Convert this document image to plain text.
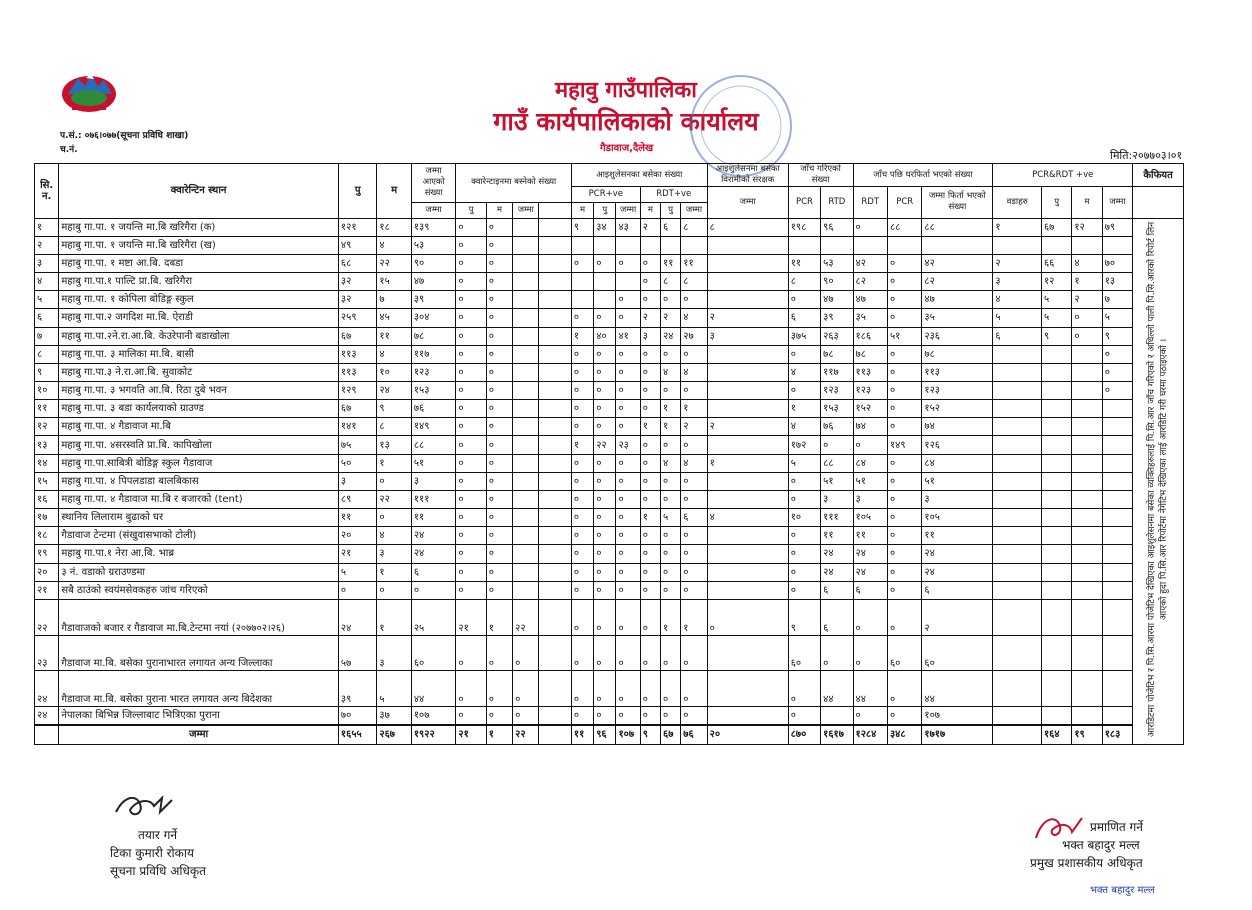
महावु गाउँपालिका
गाउँ कार्यपालिकाको कार्यालय
गैडावाज,दैलेख
प.सं.: ०७६।०७७(सूचना प्रविधि शाखा)
च.नं.	मिति:२०७७०३।०१
सि. न.	क्वारेन्टिन स्थान	पु	म	जम्मा आएको संख्या	क्वारेन्टाइनमा बस्नेको संख्या				आइशुलेसनका बसेका संख्या						आइशुलेसनमा बसेका विरामीको संरक्षक	जाँच गरिएको संख्या		जाँच पछि घरफिर्ता भएको संख्या			PCR&RDT +ve				कैफियत

									PCR+ve			RDT+ve			जम्मा	PCR	RTD	RDT	PCR	जम्मा फिर्ता भएको संख्या	वडाहरु	पु	म	जम्मा	
				जम्मा	पु	म	जम्मा		म	पु	जम्मा	म	पु	जम्मा											
१	महाबु गा.पा. १ जयन्ति मा.बि खरिगैरा (क)	१२१	१८	१३९	०	०			९	३४	४३	२	६	८	८	१९८	९६	०	८८	८८	१	६७	१२	७९	आरडिटमा पोजेटिभ र पि.सि.आरमा पोजेटिभ देखिएका आइशुलेसनमा बसेका व्यक्तिहरुलाई पि.सि.आर जाँच गरिएको र अधिल्लो पाली पि.सि.आरको रिपोर्ट लिन आएको हुदा पि.सि.आर रिपोर्टमा नेगेटिभ देखिएका लाई आरडिटि गरी घरमा पठाइएको ।
२	महाबु गा.पा. १ जयन्ति मा.बि खरिगैरा (ख)	४९	४	५३	०	०																			
३	महाबु गा.पा. १ मष्टा आ.बि. दबडा	६८	२२	९०	०	०			०	०	०	०	११	११		११	५३	४२	०	४२	२	६६	४	७०	
४	महाबु गा.पा.१ पाल्टि प्रा.बि. खरिगैरा	३२	१५	४७	०	०						०	८	८		८	९०	८२	०	८२	३	१२	१	१३	
५	महाबु गा.पा. १ कोपिला बोडिङ्ग स्कुल	३२	७	३९	०	०					०	०	०	०		०	४७	४७	०	४७	४	५	२	७	
६	महाबु गा.पा.२ जगदिश मा.बि. ऐराडी	२५९	४५	३०४	०	०			०	०	०	२	२	४	२	६	३९	३५	०	३५	५	५	०	५	
७	महाबु गा.पा.२ने.रा.आ.बि. केउरेपानी बडाखोला	६७	११	७८	०	०			१	४०	४१	३	२४	२७	३	३७५	२६३	१८६	५१	२३६	६	९	०	९	
८	महाबु गा.पा. ३ मालिका मा.बि. बासी	११३	४	११७	०	०			०	०	०	०	०	०		०	७८	७८	०	७८				०	
९	महाबु गा.पा.३ ने.रा.आ.बि. सुवाकोट	११३	१०	१२३	०	०			०	०	०	०	४	४		४	११७	११३	०	११३				०	
१०	महाबु गा.पा. ३ भगवति आ.बि. रिठा दुबे भवन	१२९	२४	१५३	०	०			०	०	०	०	०	०		०	१२३	१२३	०	१२३				०	
११	महाबु गा.पा. ३ बडा कार्यलयाको ग्राउण्ड	६७	९	७६	०	०			०	०	०	०	१	१		१	१५३	१५२	०	१५२					
१२	महाबु गा.पा. ४ गैडावाज मा.बि	१४१	८	१४९	०	०			०	०	०	१	१	२	२	४	७६	७४	०	७४					
१३	महाबु गा.पा. ४सरस्वति प्रा.बि. कापिखोला	७५	१३	८८	०	०			१	२२	२३	०	०	०		१७२	०	०	१४९	१२६					
१४	महाबु गा.पा.साबित्री बोडिङ्ग स्कुल गैडावाज	५०	१	५१	०	०			०	०	०	०	४	४	१	५	८८	८४	०	८४					
१५	महाबु गा.पा. ४ पिपलडाडा बालबिकास	३	०	३	०	०			०	०	०	०	०	०		०	५१	५१	०	५१					
१६	महाबु गा.पा. ४ गैडावाज मा.बि र बजारको (tent)	८९	२२	१११	०	०			०	०	०	०	०	०		०	३	३	०	३					
१७	स्थानिय लिलाराम बुढाको घर	११	०	११	०	०			०	०	०	१	५	६	४	१०	१११	१०५	०	१०५					
१८	गैडावाज टेन्टमा (संखुवासभाको टोली)	२०	४	२४	०	०			०	०	०	०	०	०		०	११	११	०	११					
१९	महाबु गा.पा.१ नेरा आ.बि. भाब्र	२१	३	२४	०	०			०	०	०	०	०	०		०	२४	२४	०	२४					
२०	३ नं. वडाको ग्रराउण्डमा	५	१	६	०	०			०	०	०	०	०	०		०	२४	२४	०	२४					
२१	सबै ठाउंको स्वयंमसेवकहरु जांच गरिएको	०	०	०	०	०			०	०	०	०	०	०		०	६	६	०	६					
२२	गैडावाजको बजार र गैडावाज मा.बि.टेन्टमा नयां (२०७७०२।२६)	२४	१	२५	२१	१	२२		०	०	०	०	१	१	०	९	६	०	०	२					
२३	गैडावाज मा.बि. बसेका पुरानाभारत लगायत अन्य जिल्लाका	५७	३	६०	०	०	०		०	०	०	०	०	०		६०	०	०	६०	६०					
२४	गैडावाज मा.बि. बसेका पुराना भारत लगायत अन्य बिदेशका	३९	५	४४	०	०	०		०	०	०	०	०	०		०	४४	४४	०	४४					
२४	नेपालका बिभिन्न जिल्लाबाट भित्रिएका पुराना	७०	३७	१०७	०	०	०		०	०	०	०	०	०		०		०	०	१०७					
	जम्मा	१६५५	२६७	१९२२	२१	१	२२		११	९६	१०७	९	६७	७६	२०	८७०	१६१७	१२८४	३४८	१७१७		१६४	१९	१८३	
तयार गर्ने
टिका कुमारी रोकाय
सूचना प्रविधि अधिकृत
प्रमाणित गर्ने
भक्त बहादुर मल्ल
प्रमुख प्रशासकीय अधिकृत
भक्त बहादुर मल्ल
